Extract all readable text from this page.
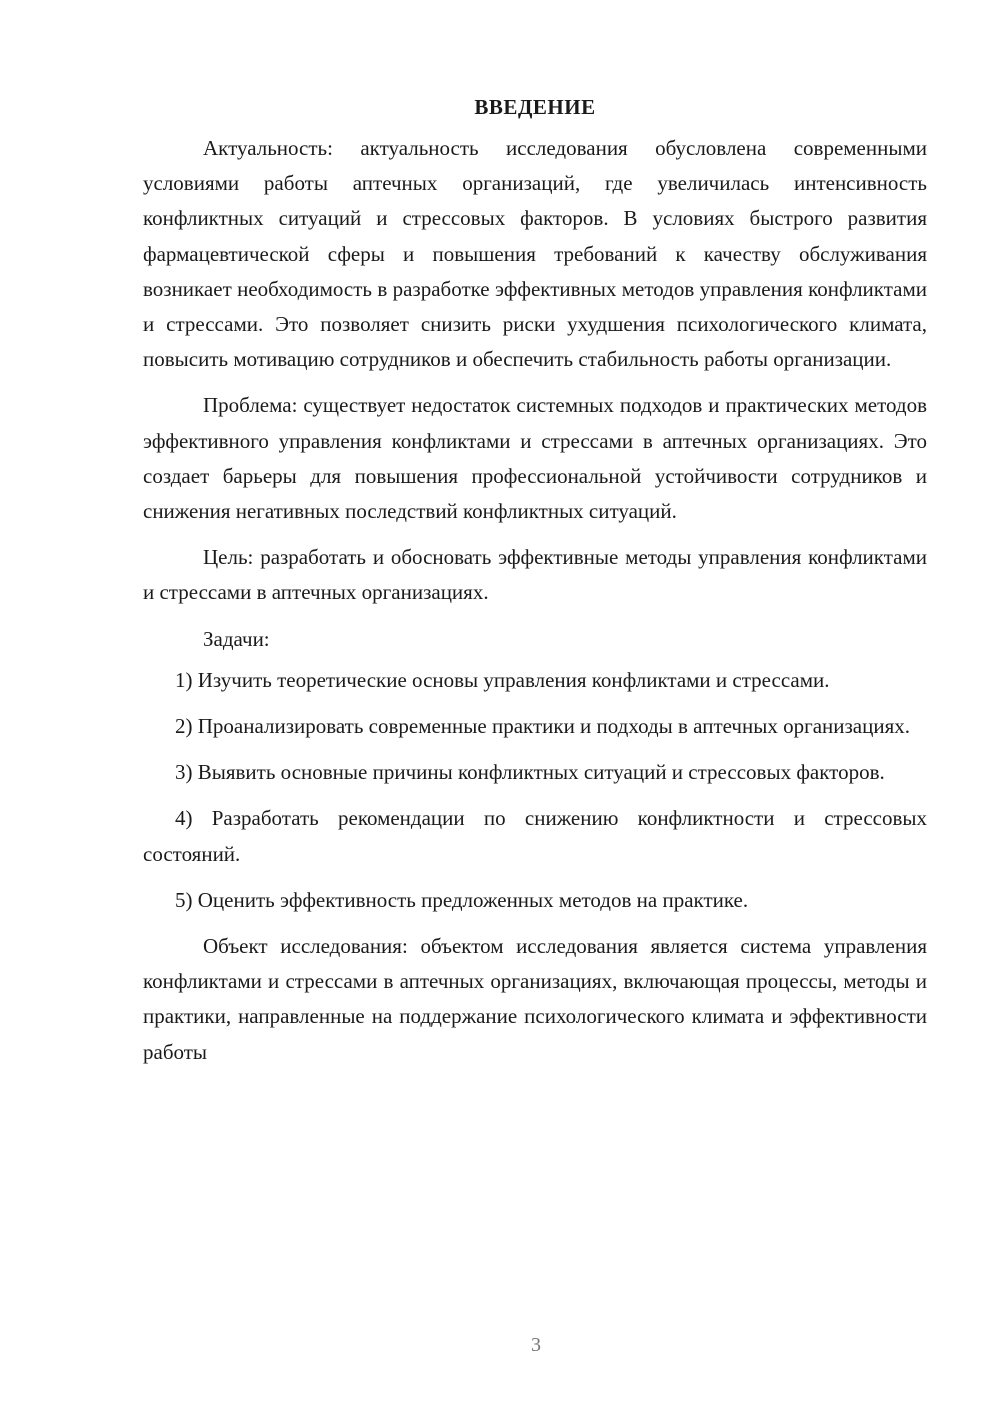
ВВЕДЕНИЕ

Актуальность: актуальность исследования обусловлена современными условиями работы аптечных организаций, где увеличилась интенсивность конфликтных ситуаций и стрессовых факторов. В условиях быстрого развития фармацевтической сферы и повышения требований к качеству обслуживания возникает необходимость в разработке эффективных методов управления конфликтами и стрессами. Это позволяет снизить риски ухудшения психологического климата, повысить мотивацию сотрудников и обеспечить стабильность работы организации.

Проблема: существует недостаток системных подходов и практических методов эффективного управления конфликтами и стрессами в аптечных организациях. Это создает барьеры для повышения профессиональной устойчивости сотрудников и снижения негативных последствий конфликтных ситуаций.

Цель: разработать и обосновать эффективные методы управления конфликтами и стрессами в аптечных организациях.

Задачи:

1) Изучить теоретические основы управления конфликтами и стрессами.

2) Проанализировать современные практики и подходы в аптечных организациях.

3) Выявить основные причины конфликтных ситуаций и стрессовых факторов.

4) Разработать рекомендации по снижению конфликтности и стрессовых состояний.

5) Оценить эффективность предложенных методов на практике.

Объект исследования: объектом исследования является система управления конфликтами и стрессами в аптечных организациях, включающая процессы, методы и практики, направленные на поддержание психологического климата и эффективности работы

3
